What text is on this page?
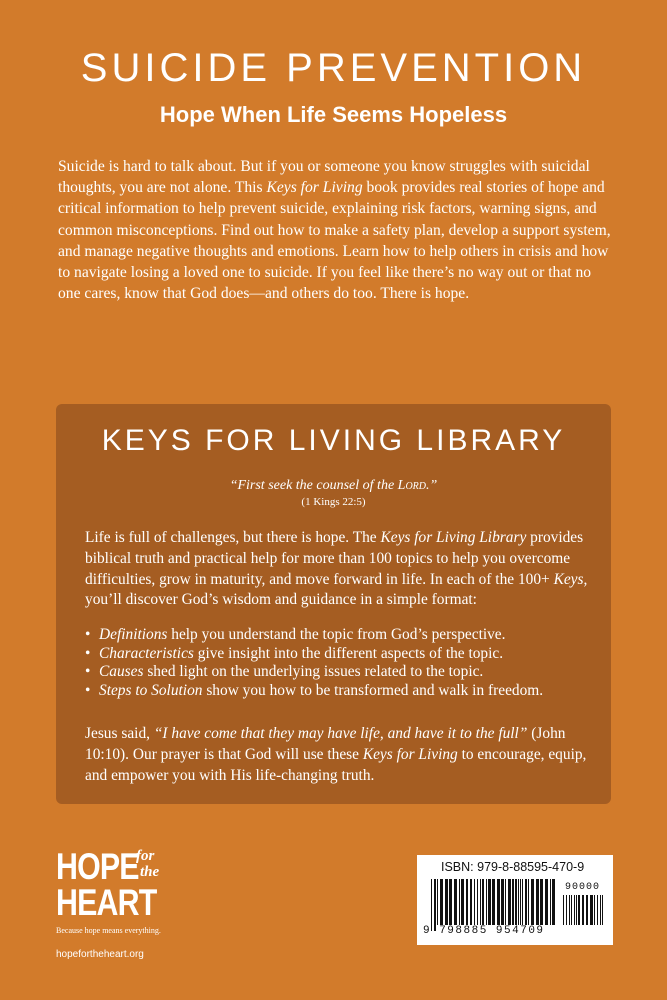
SUICIDE PREVENTION
Hope When Life Seems Hopeless

Suicide is hard to talk about. But if you or someone you know struggles with suicidal thoughts, you are not alone. This Keys for Living book provides real stories of hope and critical information to help prevent suicide, explaining risk factors, warning signs, and common misconceptions. Find out how to make a safety plan, develop a support system, and manage negative thoughts and emotions. Learn how to help others in crisis and how to navigate losing a loved one to suicide. If you feel like there’s no way out or that no one cares, know that God does—and others do too. There is hope.

KEYS FOR LIVING LIBRARY

“First seek the counsel of the Lord.”

(1 Kings 22:5)

Life is full of challenges, but there is hope. The Keys for Living Library provides biblical truth and practical help for more than 100 topics to help you overcome difficulties, grow in maturity, and move forward in life. In each of the 100+ Keys, you’ll discover God’s wisdom and guidance in a simple format:

• Definitions help you understand the topic from God’s perspective.
• Characteristics give insight into the different aspects of the topic.
• Causes shed light on the underlying issues related to the topic.
• Steps to Solution show you how to be transformed and walk in freedom.

Jesus said, “I have come that they may have life, and have it to the full” (John 10:10). Our prayer is that God will use these Keys for Living to encourage, equip, and empower you with His life-changing truth.

HOPE
for
the
HEART
Because hope means everything.
hopefortheheart.org
ISBN: 979-8-88595-470-9
90000
9 798885 954709
